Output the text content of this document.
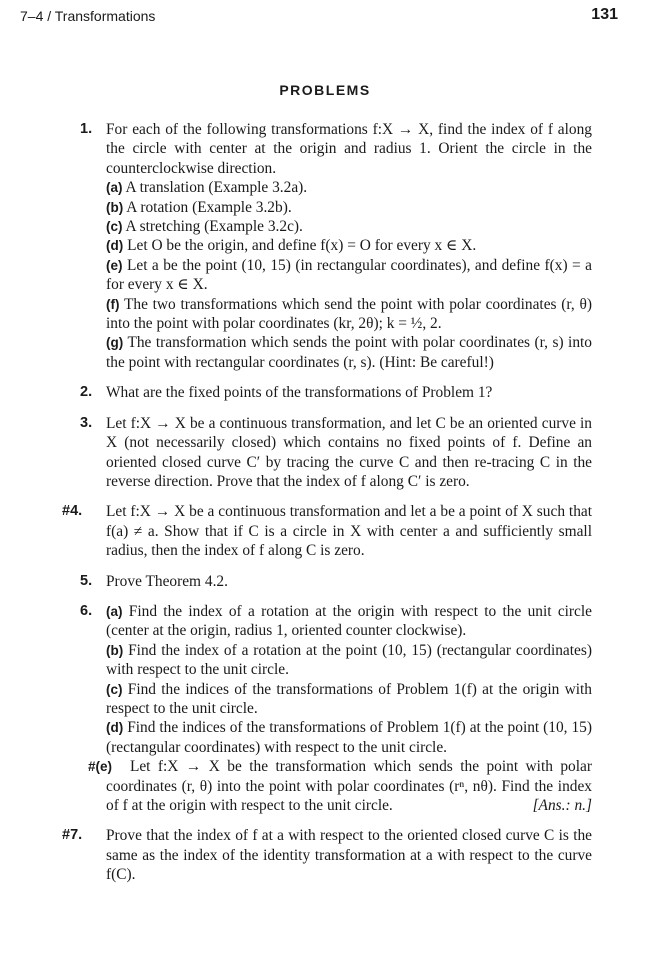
7–4 / Transformations	131
PROBLEMS
1. For each of the following transformations f:X → X, find the index of f along the circle with center at the origin and radius 1. Orient the circle in the counterclockwise direction.

(a) A translation (Example 3.2a).

(b) A rotation (Example 3.2b).

(c) A stretching (Example 3.2c).

(d) Let O be the origin, and define f(x) = O for every x ∈ X.

(e) Let a be the point (10, 15) (in rectangular coordinates), and define f(x) = a for every x ∈ X.

(f) The two transformations which send the point with polar coordinates (r, θ) into the point with polar coordinates (kr, 2θ); k = ½, 2.

(g) The transformation which sends the point with polar coordinates (r, s) into the point with rectangular coordinates (r, s). (Hint: Be careful!)

2. What are the fixed points of the transformations of Problem 1?

3. Let f:X → X be a continuous transformation, and let C be an oriented curve in X (not necessarily closed) which contains no fixed points of f. Define an oriented closed curve C′ by tracing the curve C and then re-tracing C in the reverse direction. Prove that the index of f along C′ is zero.

#4. Let f:X → X be a continuous transformation and let a be a point of X such that f(a) ≠ a. Show that if C is a circle in X with center a and sufficiently small radius, then the index of f along C is zero.

5. Prove Theorem 4.2.

6. (a) Find the index of a rotation at the origin with respect to the unit circle (center at the origin, radius 1, oriented counter clockwise).

(b) Find the index of a rotation at the point (10, 15) (rectangular coordinates) with respect to the unit circle.

(c) Find the indices of the transformations of Problem 1(f) at the origin with respect to the unit circle.

(d) Find the indices of the transformations of Problem 1(f) at the point (10, 15) (rectangular coordinates) with respect to the unit circle.

#(e) Let f:X → X be the transformation which sends the point with polar coordinates (r, θ) into the point with polar coordinates (rⁿ, nθ). Find the index of f at the origin with respect to the unit circle.	[Ans.: n.]

#7. Prove that the index of f at a with respect to the oriented closed curve C is the same as the index of the identity transformation at a with respect to the curve f(C).
